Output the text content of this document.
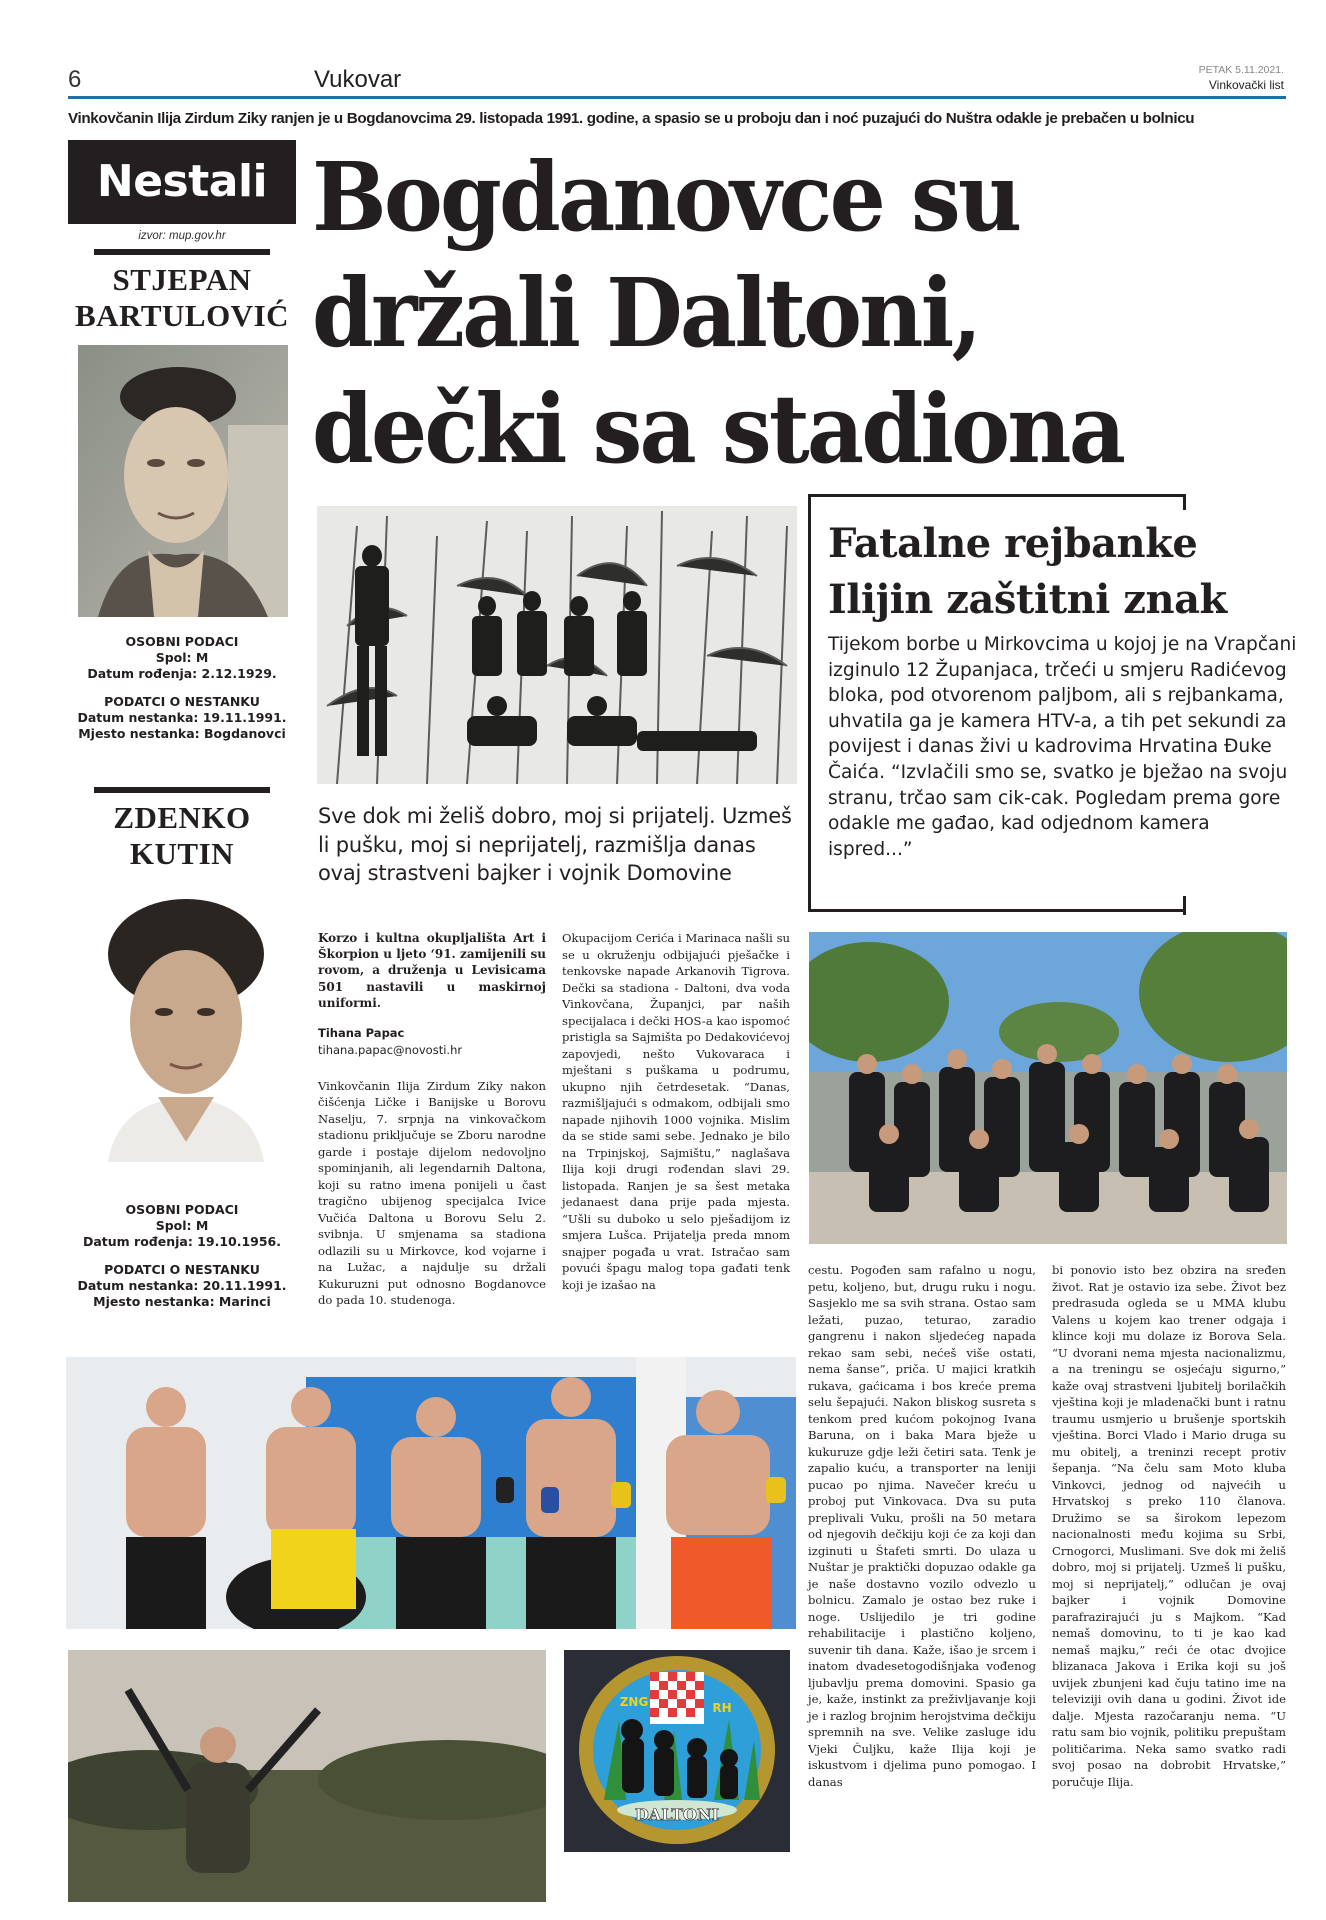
6	Vukovar	PETAK 5.11.2021.
Vinkovački list
Vinkovčanin Ilija Zirdum Ziky ranjen je u Bogdanovcima 29. listopada 1991. godine, a spasio se u proboju dan i noć puzajući do Nuštra odakle je prebačen u bolnicu
Nestali
izvor: mup.gov.hr
STJEPAN
BARTULOVIĆ
OSOBNI PODACI
Spol: M
Datum rođenja: 2.12.1929.
PODATCI O NESTANKU
Datum nestanka: 19.11.1991.
Mjesto nestanka: Bogdanovci
ZDENKO
KUTIN
OSOBNI PODACI
Spol: M
Datum rođenja: 19.10.1956.
PODATCI O NESTANKU
Datum nestanka: 20.11.1991.
Mjesto nestanka: Marinci
Bogdanovce su
držali Daltoni,
dečki sa stadiona
Fatalne rejbanke
Ilijin zaštitni znak
Tijekom borbe u Mirkovcima u kojoj je na Vrapčani izginulo 12 Županjaca, trčeći u smjeru Radićevog bloka, pod otvorenom paljbom, ali s rejbankama, uhvatila ga je kamera HTV-a, a tih pet sekundi za povijest i danas živi u kadrovima Hrvatina Đuke Čaića. “Izvlačili smo se, svatko je bježao na svoju stranu, trčao sam cik-cak. Pogledam prema gore odakle me gađao, kad odjednom kamera ispred...”
Sve dok mi želiš dobro, moj si prijatelj. Uzmeš li pušku, moj si neprijatelj, razmišlja danas ovaj strastveni bajker i vojnik Domovine

Korzo i kultna okupljališta Art i Škorpion u ljeto ‘91. zamijenili su rovom, a druženja u Levisicama 501 nastavili u maskirnoj uniformi.

Tihana Papac

tihana.papac@novosti.hr

Vinkovčanin Ilija Zirdum Ziky nakon čišćenja Ličke i Banijske u Borovu Naselju, 7. srpnja na vinkovačkom stadionu priključuje se Zboru narodne garde i postaje dijelom nedovoljno spominjanih, ali legendarnih Daltona, koji su ratno imena ponijeli u čast tragično ubijenog specijalca Ivice Vučića Daltona u Borovu Selu 2. svibnja. U smjenama sa stadiona odlazili su u Mirkovce, kod vojarne i na Lužac, a najdulje su držali Kukuruzni put odnosno Bogdanovce do pada 10. studenoga.

Okupacijom Cerića i Marinaca našli su se u okruženju odbijajući pješačke i tenkovske napade Arkanovih Tigrova. Dečki sa stadiona - Daltoni, dva voda Vinkovčana, Županjci, par naših specijalaca i dečki HOS-a kao ispomoć pristigla sa Sajmišta po Dedakovićevoj zapovjedi, nešto Vukovaraca i mještani s puškama u podrumu, ukupno njih četrdesetak. “Danas, razmišljajući s odmakom, odbijali smo napade njihovih 1000 vojnika. Mislim da se stide sami sebe. Jednako je bilo na Trpinjskoj, Sajmištu,” naglašava Ilija koji drugi rođendan slavi 29. listopada. Ranjen je sa šest metaka jedanaest dana prije pada mjesta. “Ušli su duboko u selo pješadijom iz smjera Lušca. Prijatelja preda mnom snajper pogađa u vrat. Istračao sam povući špagu malog topa gađati tenk koji je izašao na

cestu. Pogođen sam rafalno u nogu, petu, koljeno, but, drugu ruku i nogu. Sasjeklo me sa svih strana. Ostao sam ležati, puzao, teturao, zaradio gangrenu i nakon sljedećeg napada rekao sam sebi, nećeš više ostati, nema šanse”, priča. U majici kratkih rukava, gaćicama i bos kreće prema selu šepajući. Nakon bliskog susreta s tenkom pred kućom pokojnog Ivana Baruna, on i baka Mara bježe u kukuruze gdje leži četiri sata. Tenk je zapalio kuću, a transporter na leniji pucao po njima. Navečer kreću u proboj put Vinkovaca. Dva su puta preplivali Vuku, prošli na 50 metara od njegovih dečkiju koji će za koji dan izginuti u Štafeti smrti. Do ulaza u Nuštar je praktički dopuzao odakle ga je naše dostavno vozilo odvezlo u bolnicu. Zamalo je ostao bez ruke i noge. Uslijedilo je tri godine rehabilitacije i plastično koljeno, suvenir tih dana. Kaže, išao je srcem i inatom dvadesetogodišnjaka vođenog ljubavlju prema domovini. Spasio ga je, kaže, instinkt za preživljavanje koji je i razlog brojnim herojstvima dečkiju spremnih na sve. Velike zasluge idu Vjeki Čuljku, kaže Ilija koji je iskustvom i djelima puno pomogao. I danas

bi ponovio isto bez obzira na sređen život. Rat je ostavio iza sebe. Život bez predrasuda ogleda se u MMA klubu Valens u kojem kao trener odgaja i klince koji mu dolaze iz Borova Sela. “U dvorani nema mjesta nacionalizmu, a na treningu se osjećaju sigurno,” kaže ovaj strastveni ljubitelj borilačkih vještina koji je mladenački bunt i ratnu traumu usmjerio u brušenje sportskih vještina. Borci Vlado i Mario druga su mu obitelj, a treninzi recept protiv šepanja. “Na čelu sam Moto kluba Vinkovci, jednog od najvećih u Hrvatskoj s preko 110 članova. Družimo se sa širokom lepezom nacionalnosti među kojima su Srbi, Crnogorci, Muslimani. Sve dok mi želiš dobro, moj si prijatelj. Uzmeš li pušku, moj si neprijatelj,” odlučan je ovaj bajker i vojnik Domovine parafrazirajući ju s Majkom. “Kad nemaš domovinu, to ti je kao kad nemaš majku,” reći će otac dvojice blizanaca Jakova i Erika koji su još uvijek zbunjeni kad čuju tatino ime na televiziji ovih dana u godini. Život ide dalje. Mjesta razočaranju nema. “U ratu sam bio vojnik, politiku prepuštam političarima. Neka samo svatko radi svoj posao na dobrobit Hrvatske,” poručuje Ilija.

ZNG	RH
DALTONI
